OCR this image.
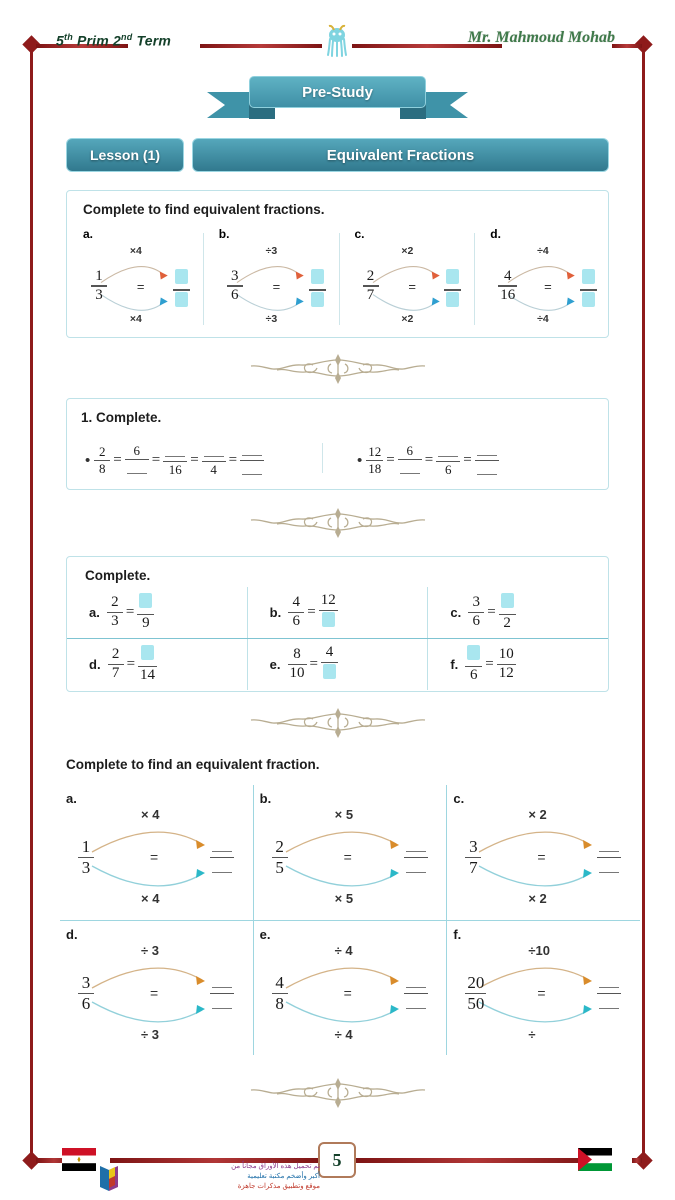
5th Prim 2nd Term	Mr. Mahmoud Mohab
Pre-Study
Lesson (1)	Equivalent Fractions
Complete to find equivalent fractions.
a.
×4
×4
$\frac{1}{3}$ =
b.
÷3
÷3
$\frac{3}{6}$ =
c.
×2
×2
$\frac{2}{7}$ =
d.
÷4
÷4
$\frac{4}{16}$ =
1. Complete.
• $\frac{2}{8}$ =
6
=
16
=
4
=	• $\frac{12}{18}$ =
6
=
6
=
Complete.
a. $\frac{2}{3}$ =
9
b. $\frac{4}{6}$ =
12
c. $\frac{3}{6}$ =
2
d. $\frac{2}{7}$ =
14
e. $\frac{8}{10}$ =
4
f.
6
= $\frac{10}{12}$
Complete to find an equivalent fraction.
a.
× 4
× 4
$\frac{1}{3}$	=
b.
× 5
× 5
$\frac{2}{5}$	=
c.
× 2
× 2
$\frac{3}{7}$	=
d.
÷ 3
÷ 3
$\frac{3}{6}$	=
e.
÷ 4
÷ 4
$\frac{4}{8}$	=
f.
÷10
÷
$\frac{20}{50}$	=
5
تم تحميل هذه الأوراق مجاناً من
أكبر وأضخم مكتبة تعليمية
موقع وتطبيق مذكرات جاهزة
